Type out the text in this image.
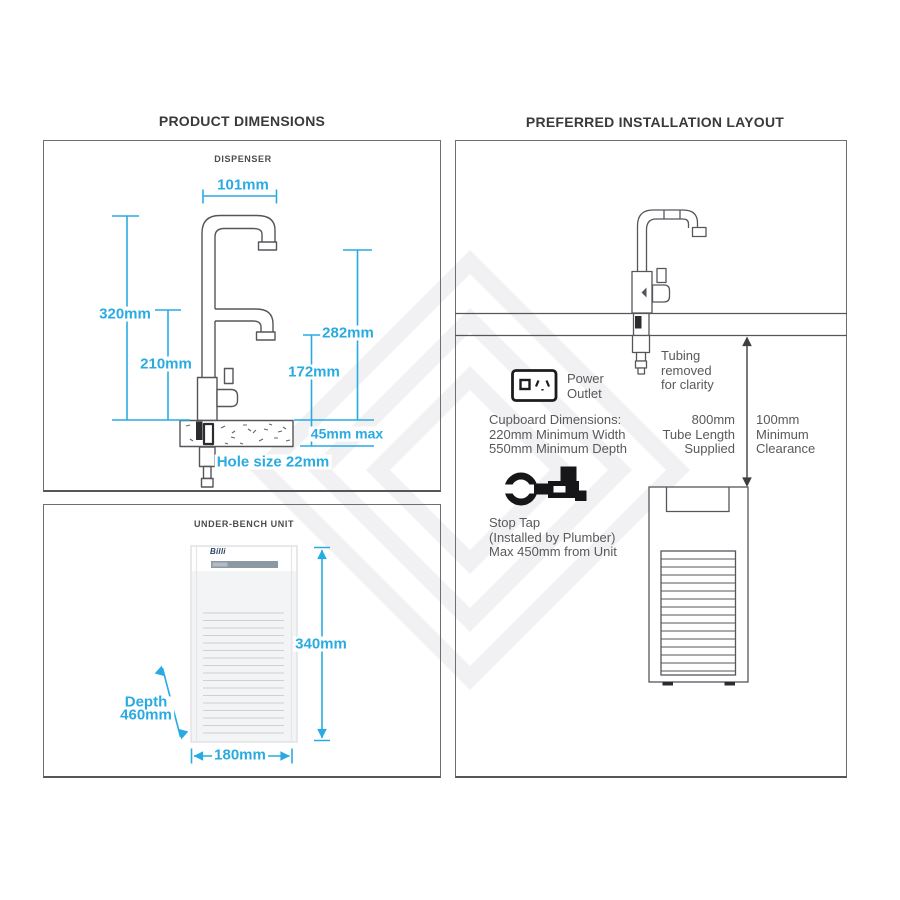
PRODUCT DIMENSIONS	PREFERRED INSTALLATION LAYOUT
DISPENSER
UNDER-BENCH UNIT
101mm
320mm
210mm
282mm
172mm
45mm max
Hole size 22mm
340mm
Depth
460mm
180mm
Billi
Power
Outlet
Tubing
removed
for clarity
Cupboard Dimensions:
220mm Minimum Width
550mm Minimum Depth
800mm
Tube Length
Supplied
100mm
Minimum
Clearance
Stop Tap
(Installed by Plumber)
Max 450mm from Unit
